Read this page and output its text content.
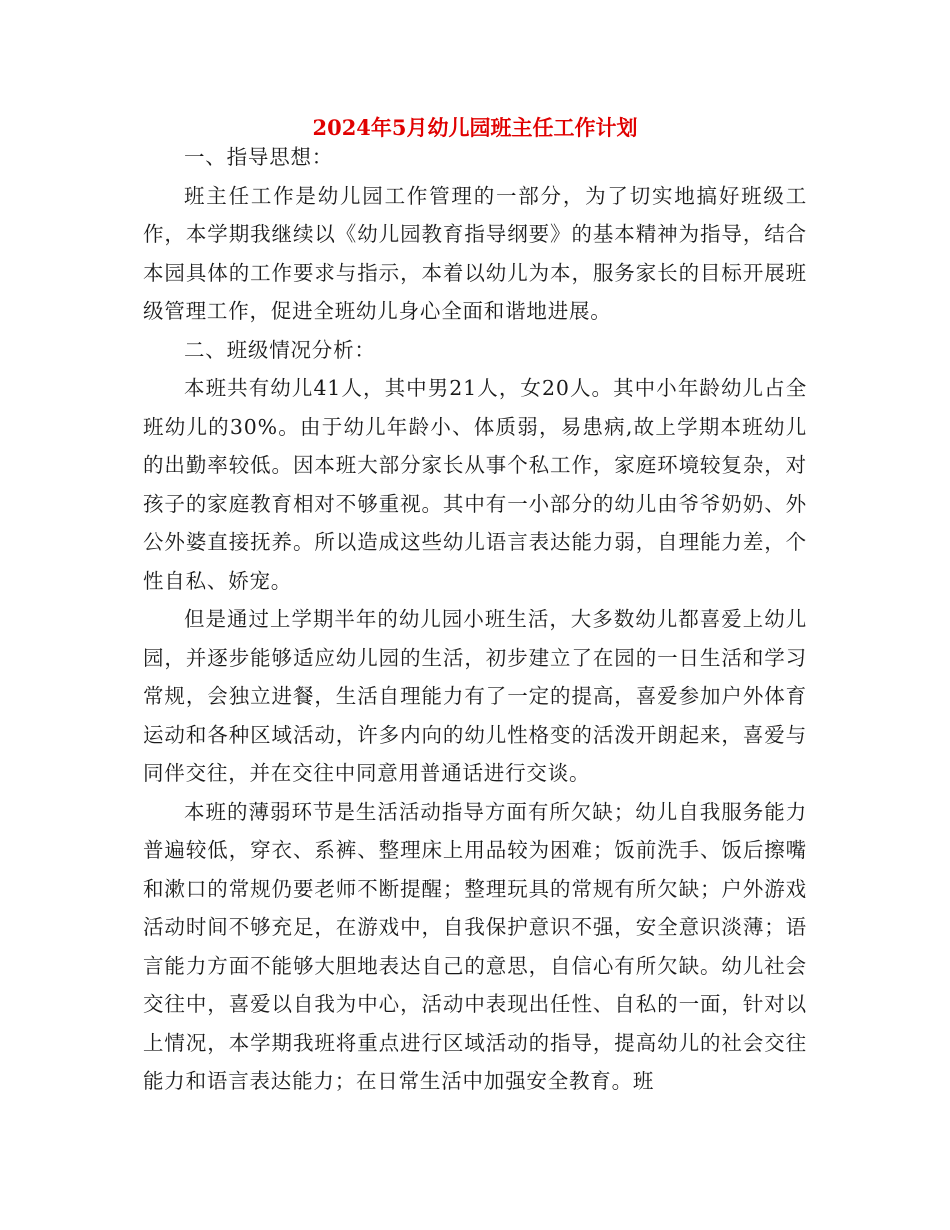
2024年5月幼儿园班主任工作计划

一、指导思想：

班主任工作是幼儿园工作管理的一部分，为了切实地搞好班级工作，本学期我继续以《幼儿园教育指导纲要》的基本精神为指导，结合本园具体的工作要求与指示，本着以幼儿为本，服务家长的目标开展班级管理工作，促进全班幼儿身心全面和谐地进展。

二、班级情况分析：

本班共有幼儿41人，其中男21人，女20人。其中小年龄幼儿占全班幼儿的30%。由于幼儿年龄小、体质弱，易患病,故上学期本班幼儿的出勤率较低。因本班大部分家长从事个私工作，家庭环境较复杂，对孩子的家庭教育相对不够重视。其中有一小部分的幼儿由爷爷奶奶、外公外婆直接抚养。所以造成这些幼儿语言表达能力弱，自理能力差，个性自私、娇宠。

但是通过上学期半年的幼儿园小班生活，大多数幼儿都喜爱上幼儿园，并逐步能够适应幼儿园的生活，初步建立了在园的一日生活和学习常规，会独立进餐，生活自理能力有了一定的提高，喜爱参加户外体育运动和各种区域活动，许多内向的幼儿性格变的活泼开朗起来，喜爱与同伴交往，并在交往中同意用普通话进行交谈。

本班的薄弱环节是生活活动指导方面有所欠缺；幼儿自我服务能力普遍较低，穿衣、系裤、整理床上用品较为困难；饭前洗手、饭后擦嘴和漱口的常规仍要老师不断提醒；整理玩具的常规有所欠缺；户外游戏活动时间不够充足，在游戏中，自我保护意识不强，安全意识淡薄；语言能力方面不能够大胆地表达自己的意思，自信心有所欠缺。幼儿社会交往中，喜爱以自我为中心，活动中表现出任性、自私的一面，针对以上情况，本学期我班将重点进行区域活动的指导，提高幼儿的社会交往能力和语言表达能力；在日常生活中加强安全教育。班
